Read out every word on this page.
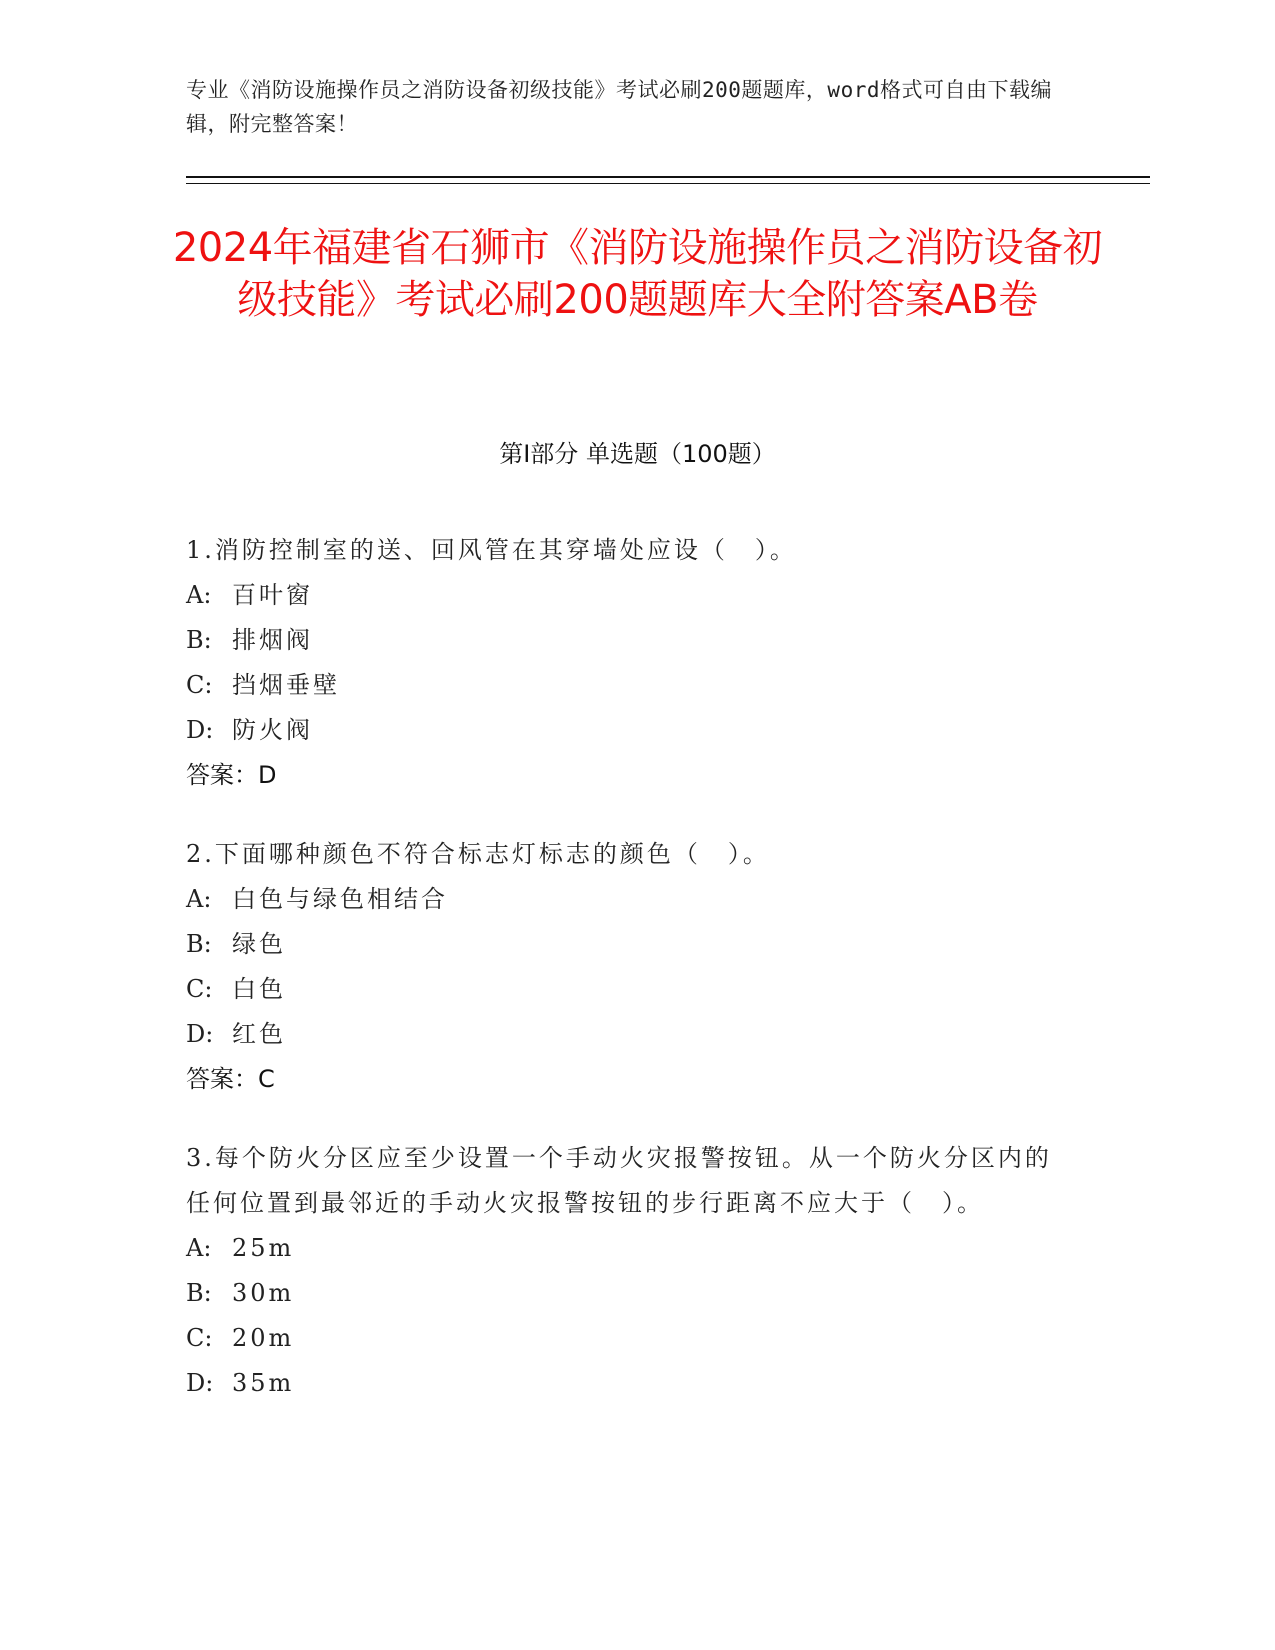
专业《消防设施操作员之消防设备初级技能》考试必刷200题题库，word格式可自由下载编辑，附完整答案！
2024年福建省石狮市《消防设施操作员之消防设备初级技能》考试必刷200题题库大全附答案AB卷
第Ⅰ部分 单选题（100题）
1.消防控制室的送、回风管在其穿墙处应设（　）。
A: 百叶窗
B: 排烟阀
C: 挡烟垂壁
D: 防火阀
答案：D
2.下面哪种颜色不符合标志灯标志的颜色（　）。
A: 白色与绿色相结合
B: 绿色
C: 白色
D: 红色
答案：C
3.每个防火分区应至少设置一个手动火灾报警按钮。从一个防火分区内的任何位置到最邻近的手动火灾报警按钮的步行距离不应大于（　）。
A: 25m
B: 30m
C: 20m
D: 35m
